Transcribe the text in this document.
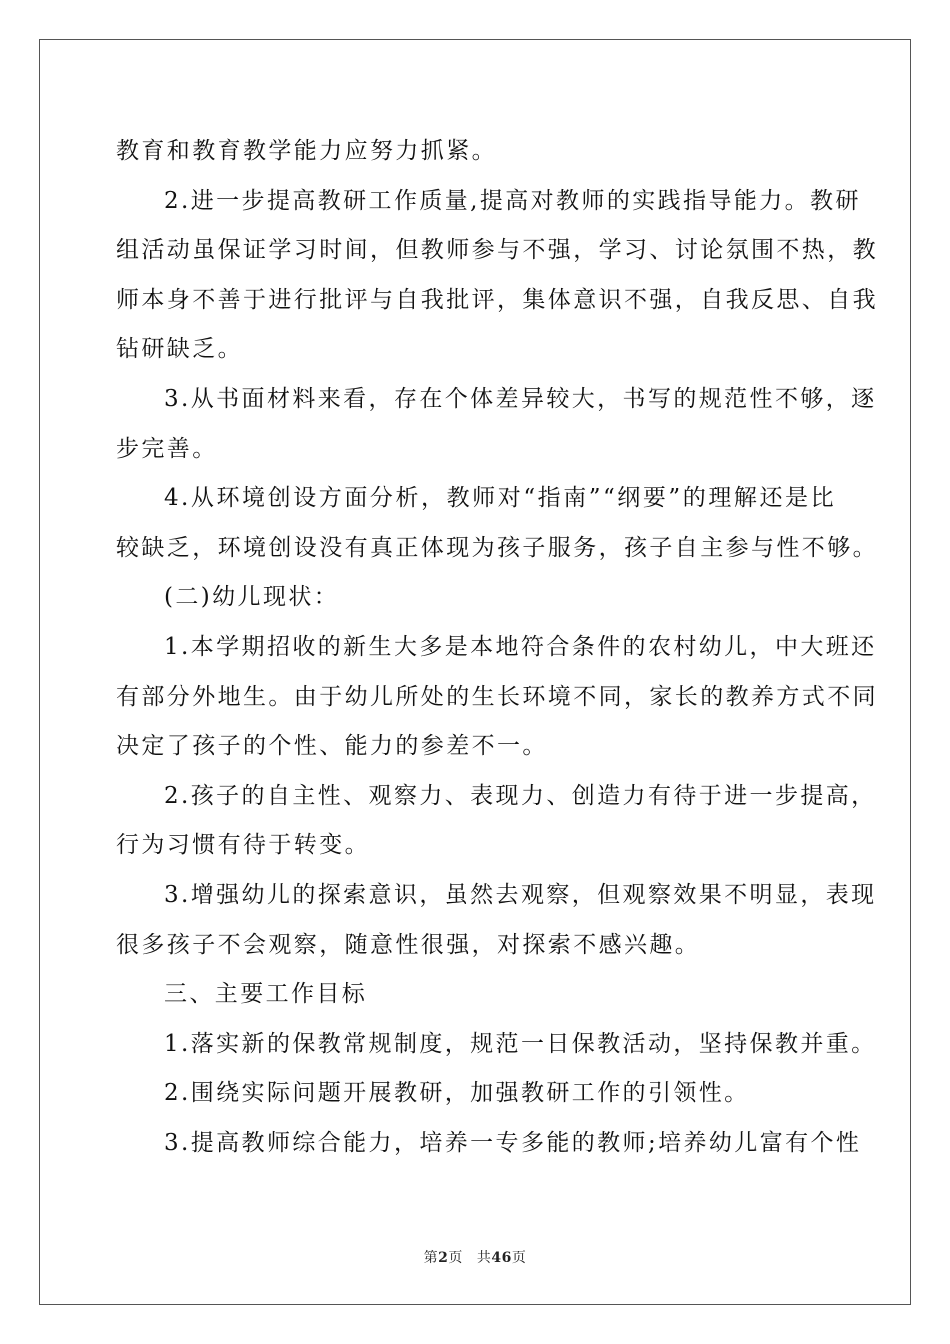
教育和教育教学能力应努力抓紧。
2.进一步提高教研工作质量,提高对教师的实践指导能力。教研
组活动虽保证学习时间，但教师参与不强，学习、讨论氛围不热，教
师本身不善于进行批评与自我批评，集体意识不强，自我反思、自我
钻研缺乏。
3.从书面材料来看，存在个体差异较大，书写的规范性不够，逐
步完善。
4.从环境创设方面分析，教师对“指南”“纲要”的理解还是比
较缺乏，环境创设没有真正体现为孩子服务，孩子自主参与性不够。
(二)幼儿现状：
1.本学期招收的新生大多是本地符合条件的农村幼儿，中大班还
有部分外地生。由于幼儿所处的生长环境不同，家长的教养方式不同
决定了孩子的个性、能力的参差不一。
2.孩子的自主性、观察力、表现力、创造力有待于进一步提高，
行为习惯有待于转变。
3.增强幼儿的探索意识，虽然去观察，但观察效果不明显，表现
很多孩子不会观察，随意性很强，对探索不感兴趣。
三、主要工作目标
1.落实新的保教常规制度，规范一日保教活动，坚持保教并重。
2.围绕实际问题开展教研，加强教研工作的引领性。
3.提高教师综合能力，培养一专多能的教师;培养幼儿富有个性
第2页 共46页
